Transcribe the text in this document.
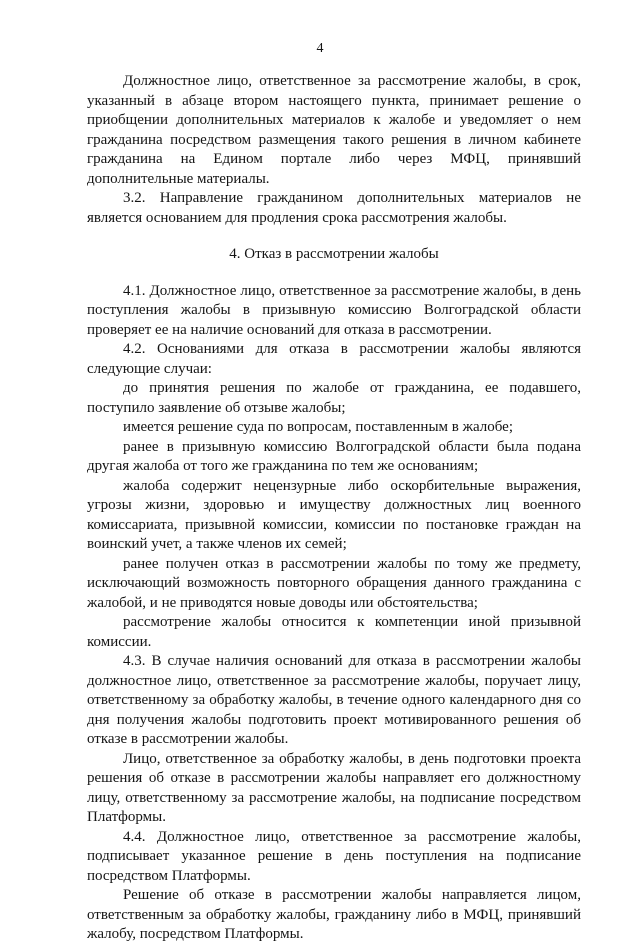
4

Должностное лицо, ответственное за рассмотрение жалобы, в срок, указанный в абзаце втором настоящего пункта, принимает решение о приобщении дополнительных материалов к жалобе и уведомляет о нем гражданина посредством размещения такого решения в личном кабинете гражданина на Едином портале либо через МФЦ, принявший дополнительные материалы.

3.2. Направление гражданином дополнительных материалов не является основанием для продления срока рассмотрения жалобы.

4. Отказ в рассмотрении жалобы

4.1. Должностное лицо, ответственное за рассмотрение жалобы, в день поступления жалобы в призывную комиссию Волгоградской области проверяет ее на наличие оснований для отказа в рассмотрении.

4.2. Основаниями для отказа в рассмотрении жалобы являются следующие случаи:

до принятия решения по жалобе от гражданина, ее подавшего, поступило заявление об отзыве жалобы;

имеется решение суда по вопросам, поставленным в жалобе;

ранее в призывную комиссию Волгоградской области была подана другая жалоба от того же гражданина по тем же основаниям;

жалоба содержит нецензурные либо оскорбительные выражения, угрозы жизни, здоровью и имуществу должностных лиц военного комиссариата, призывной комиссии, комиссии по постановке граждан на воинский учет, а также членов их семей;

ранее получен отказ в рассмотрении жалобы по тому же предмету, исключающий возможность повторного обращения данного гражданина с жалобой, и не приводятся новые доводы или обстоятельства;

рассмотрение жалобы относится к компетенции иной призывной комиссии.

4.3. В случае наличия оснований для отказа в рассмотрении жалобы должностное лицо, ответственное за рассмотрение жалобы, поручает лицу, ответственному за обработку жалобы, в течение одного календарного дня со дня получения жалобы подготовить проект мотивированного решения об отказе в рассмотрении жалобы.

Лицо, ответственное за обработку жалобы, в день подготовки проекта решения об отказе в рассмотрении жалобы направляет его должностному лицу, ответственному за рассмотрение жалобы, на подписание посредством Платформы.

4.4. Должностное лицо, ответственное за рассмотрение жалобы, подписывает указанное решение в день поступления на подписание посредством Платформы.

Решение об отказе в рассмотрении жалобы направляется лицом, ответственным за обработку жалобы, гражданину либо в МФЦ, принявший жалобу, посредством Платформы.
